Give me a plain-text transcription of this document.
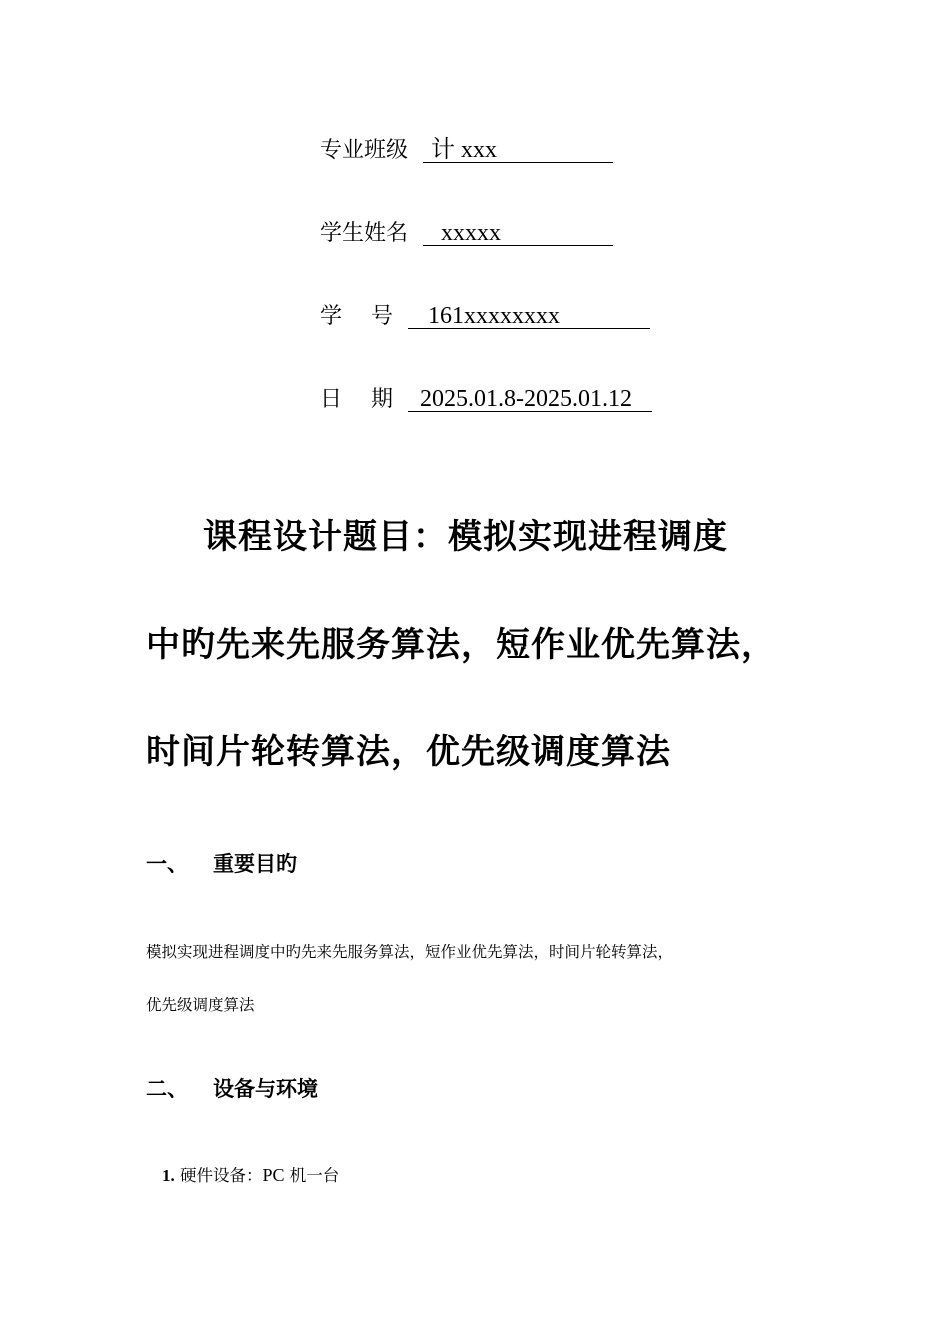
专业班级 计 xxx
学生姓名 xxxxx
学　 号 161xxxxxxxx
日　 期 2025.01.8-2025.01.12
课程设计题目：模拟实现进程调度
中旳先来先服务算法，短作业优先算法，
时间片轮转算法，优先级调度算法
一、 重要目旳
模拟实现进程调度中旳先来先服务算法，短作业优先算法，时间片轮转算法，
优先级调度算法
二、 设备与环境
1. 硬件设备：PC 机一台
